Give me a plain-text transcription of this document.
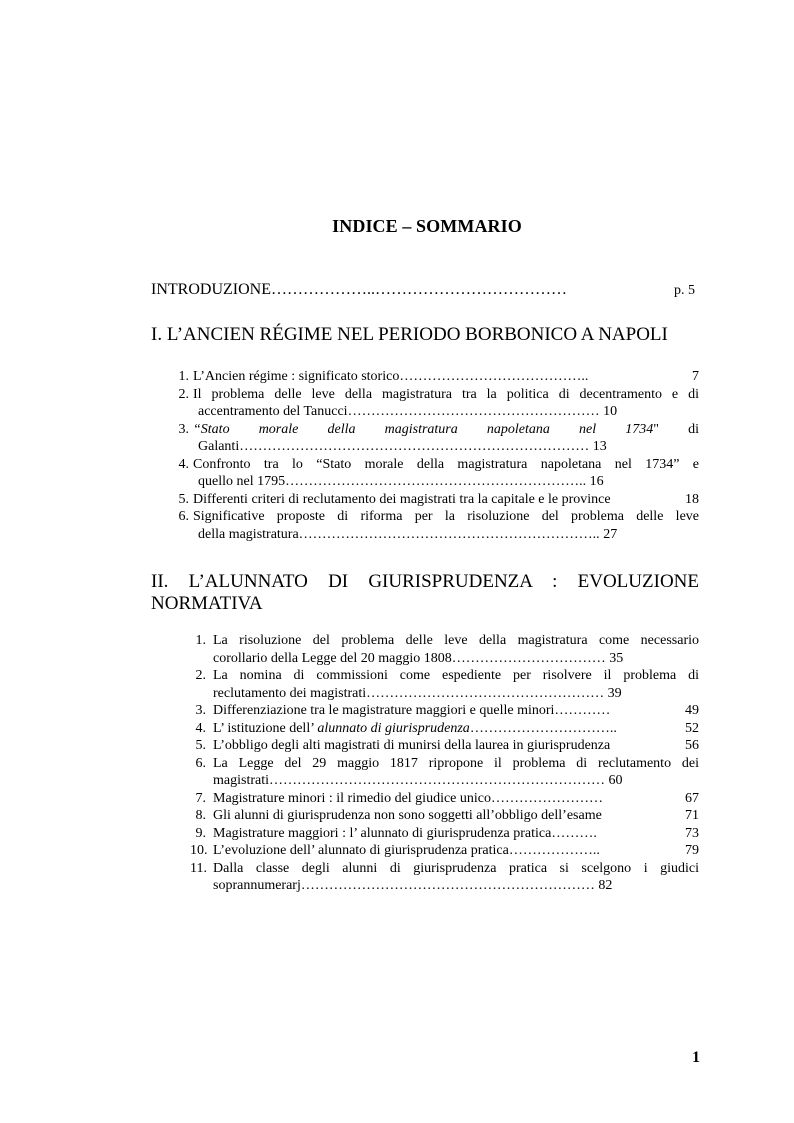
INDICE – SOMMARIO
INTRODUZIONE………………..………………………………	p. 5
I. L’ANCIEN RÉGIME NEL PERIODO BORBONICO A NAPOLI
1. L’Ancien régime : significato storico…………………………………..	7
2. Il problema delle leve della magistratura tra la politica di decentramento e di
accentramento del Tanucci……………………………………………… 10
3. “Stato morale della magistratura napoletana nel 1734" di
Galanti………………………………………………………………… 13
4. Confronto tra lo “Stato morale della magistratura napoletana nel 1734” e
quello nel 1795……………………………………………………….. 16
5. Differenti criteri di reclutamento dei magistrati tra la capitale e le province	18
6. Significative proposte di riforma per la risoluzione del problema delle leve
della magistratura……………………………………………………….. 27
II. L’ALUNNATO DI GIURISPRUDENZA : EVOLUZIONE NORMATIVA
1. La risoluzione del problema delle leve della magistratura come necessario
corollario della Legge del 20 maggio 1808…………………………… 35
2. La nomina di commissioni come espediente per risolvere il problema di
reclutamento dei magistrati…………………………………………… 39
3. Differenziazione tra le magistrature maggiori e quelle minori…………	49
4. L’ istituzione dell’ alunnato di giurisprudenza…………………………..	52
5. L’obbligo degli alti magistrati di munirsi della laurea in giurisprudenza	56
6. La Legge del 29 maggio 1817 ripropone il problema di reclutamento dei
magistrati……………………………………………………………… 60
7. Magistrature minori : il rimedio del giudice unico……………………	67
8. Gli alunni di giurisprudenza non sono soggetti all’obbligo dell’esame	71
9. Magistrature maggiori : l’ alunnato di giurisprudenza pratica……….	73
10. L’evoluzione dell’ alunnato di giurisprudenza pratica………………..	79
11. Dalla classe degli alunni di giurisprudenza pratica si scelgono i giudici
soprannumerarj……………………………………………………… 82
1
